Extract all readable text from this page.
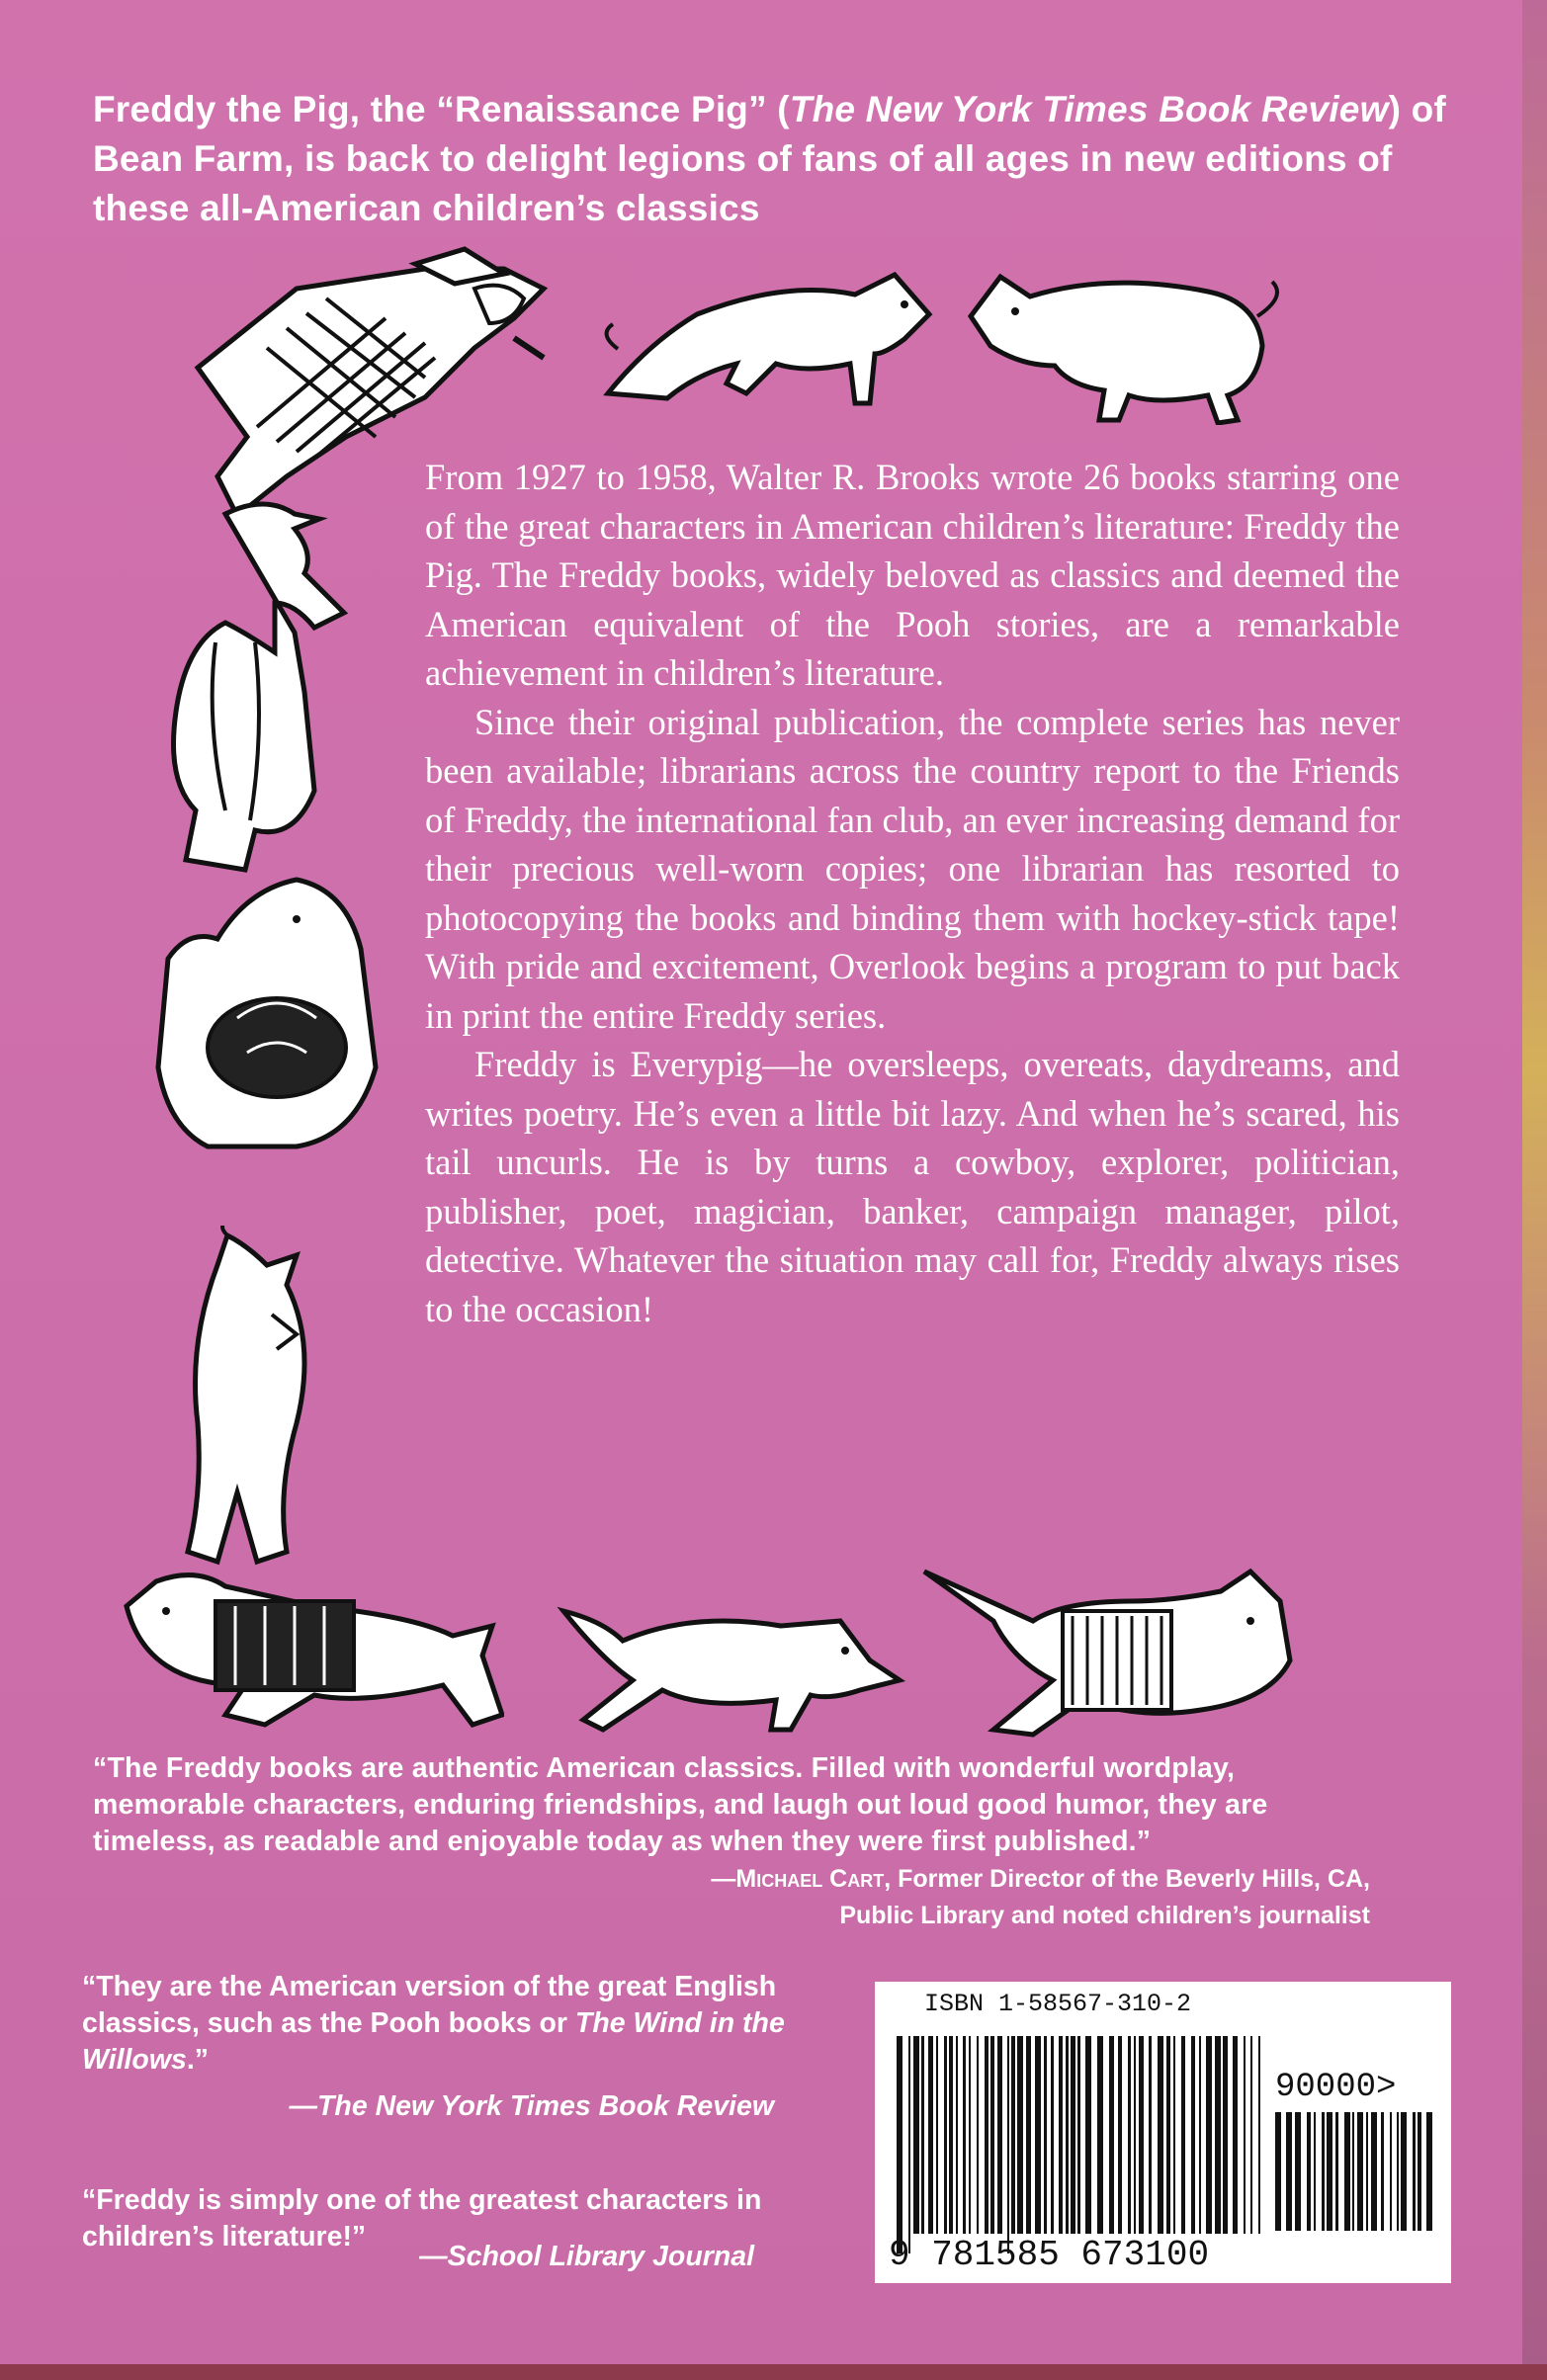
Freddy the Pig, the “Renaissance Pig” (The New York Times Book Review) of Bean Farm, is back to delight legions of fans of all ages in new editions of these all-American children’s classics

From 1927 to 1958, Walter R. Brooks wrote 26 books starring one of the great characters in American children’s literature: Freddy the Pig. The Freddy books, widely beloved as classics and deemed the American equivalent of the Pooh stories, are a remarkable achievement in children’s literature.

Since their original publication, the complete series has never been available; librarians across the country report to the Friends of Freddy, the international fan club, an ever increasing demand for their precious well-worn copies; one librarian has resorted to photocopying the books and binding them with hockey-stick tape! With pride and excitement, Overlook begins a program to put back in print the entire Freddy series.

Freddy is Everypig—he oversleeps, overeats, daydreams, and writes poetry. He’s even a little bit lazy. And when he’s scared, his tail uncurls. He is by turns a cowboy, explorer, politician, publisher, poet, magician, banker, campaign manager, pilot, detective. Whatever the situation may call for, Freddy always rises to the occasion!

“The Freddy books are authentic American classics. Filled with wonderful wordplay, memorable characters, enduring friendships, and laugh out loud good humor, they are timeless, as readable and enjoyable today as when they were first published.”
—Michael Cart, Former Director of the Beverly Hills, CA, Public Library and noted children’s journalist
“They are the American version of the great English classics, such as the Pooh books or The Wind in the Willows.”
—The New York Times Book Review
“Freddy is simply one of the greatest characters in children’s literature!”
—School Library Journal
ISBN 1-58567-310-2
90000>
9 781585 673100
